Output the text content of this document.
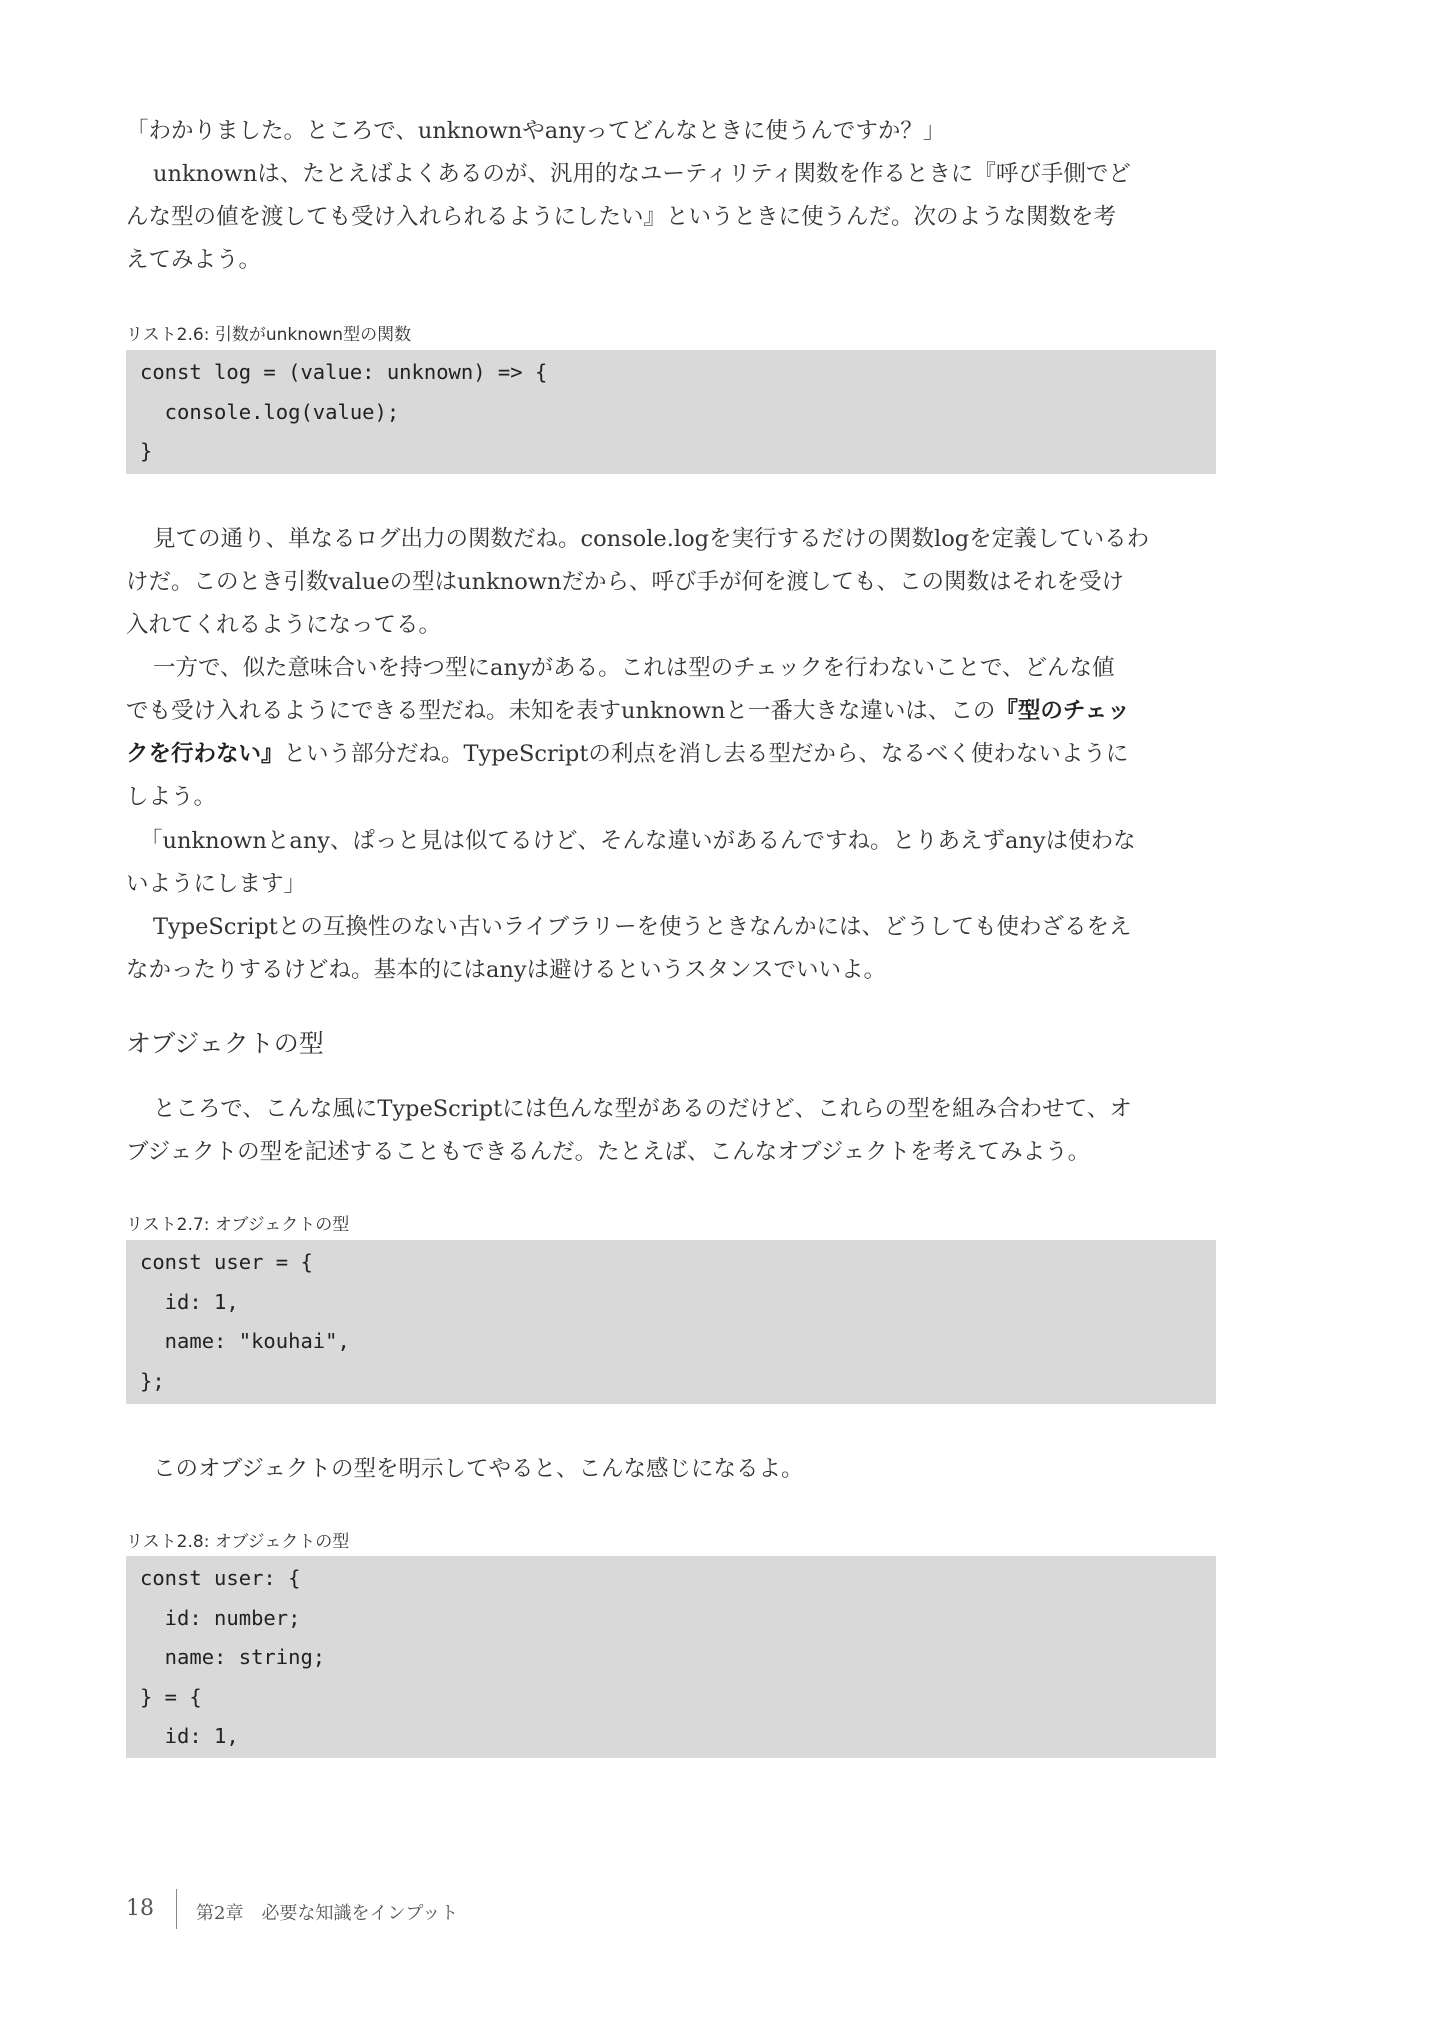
「わかりました。ところで、unknownやanyってどんなときに使うんですか？」

unknownは、たとえばよくあるのが、汎用的なユーティリティ関数を作るときに『呼び手側でど
んな型の値を渡しても受け入れられるようにしたい』というときに使うんだ。次のような関数を考
えてみよう。

リスト2.6: 引数がunknown型の関数
const log = (value: unknown) => {
console.log(value);
}

見ての通り、単なるログ出力の関数だね。console.logを実行するだけの関数logを定義しているわ
けだ。このとき引数valueの型はunknownだから、呼び手が何を渡しても、この関数はそれを受け
入れてくれるようになってる。

一方で、似た意味合いを持つ型にanyがある。これは型のチェックを行わないことで、どんな値
でも受け入れるようにできる型だね。未知を表すunknownと一番大きな違いは、この『型のチェッ
クを行わない』という部分だね。TypeScriptの利点を消し去る型だから、なるべく使わないように
しよう。

「unknownとany、ぱっと見は似てるけど、そんな違いがあるんですね。とりあえずanyは使わな
いようにします」

TypeScriptとの互換性のない古いライブラリーを使うときなんかには、どうしても使わざるをえ
なかったりするけどね。基本的にはanyは避けるというスタンスでいいよ。

オブジェクトの型

ところで、こんな風にTypeScriptには色んな型があるのだけど、これらの型を組み合わせて、オ
ブジェクトの型を記述することもできるんだ。たとえば、こんなオブジェクトを考えてみよう。

リスト2.7: オブジェクトの型
const user = {
id: 1,
name: "kouhai",
};

このオブジェクトの型を明示してやると、こんな感じになるよ。

リスト2.8: オブジェクトの型
const user: {
id: number;
name: string;
} = {
id: 1,
18 第2章　必要な知識をインプット
